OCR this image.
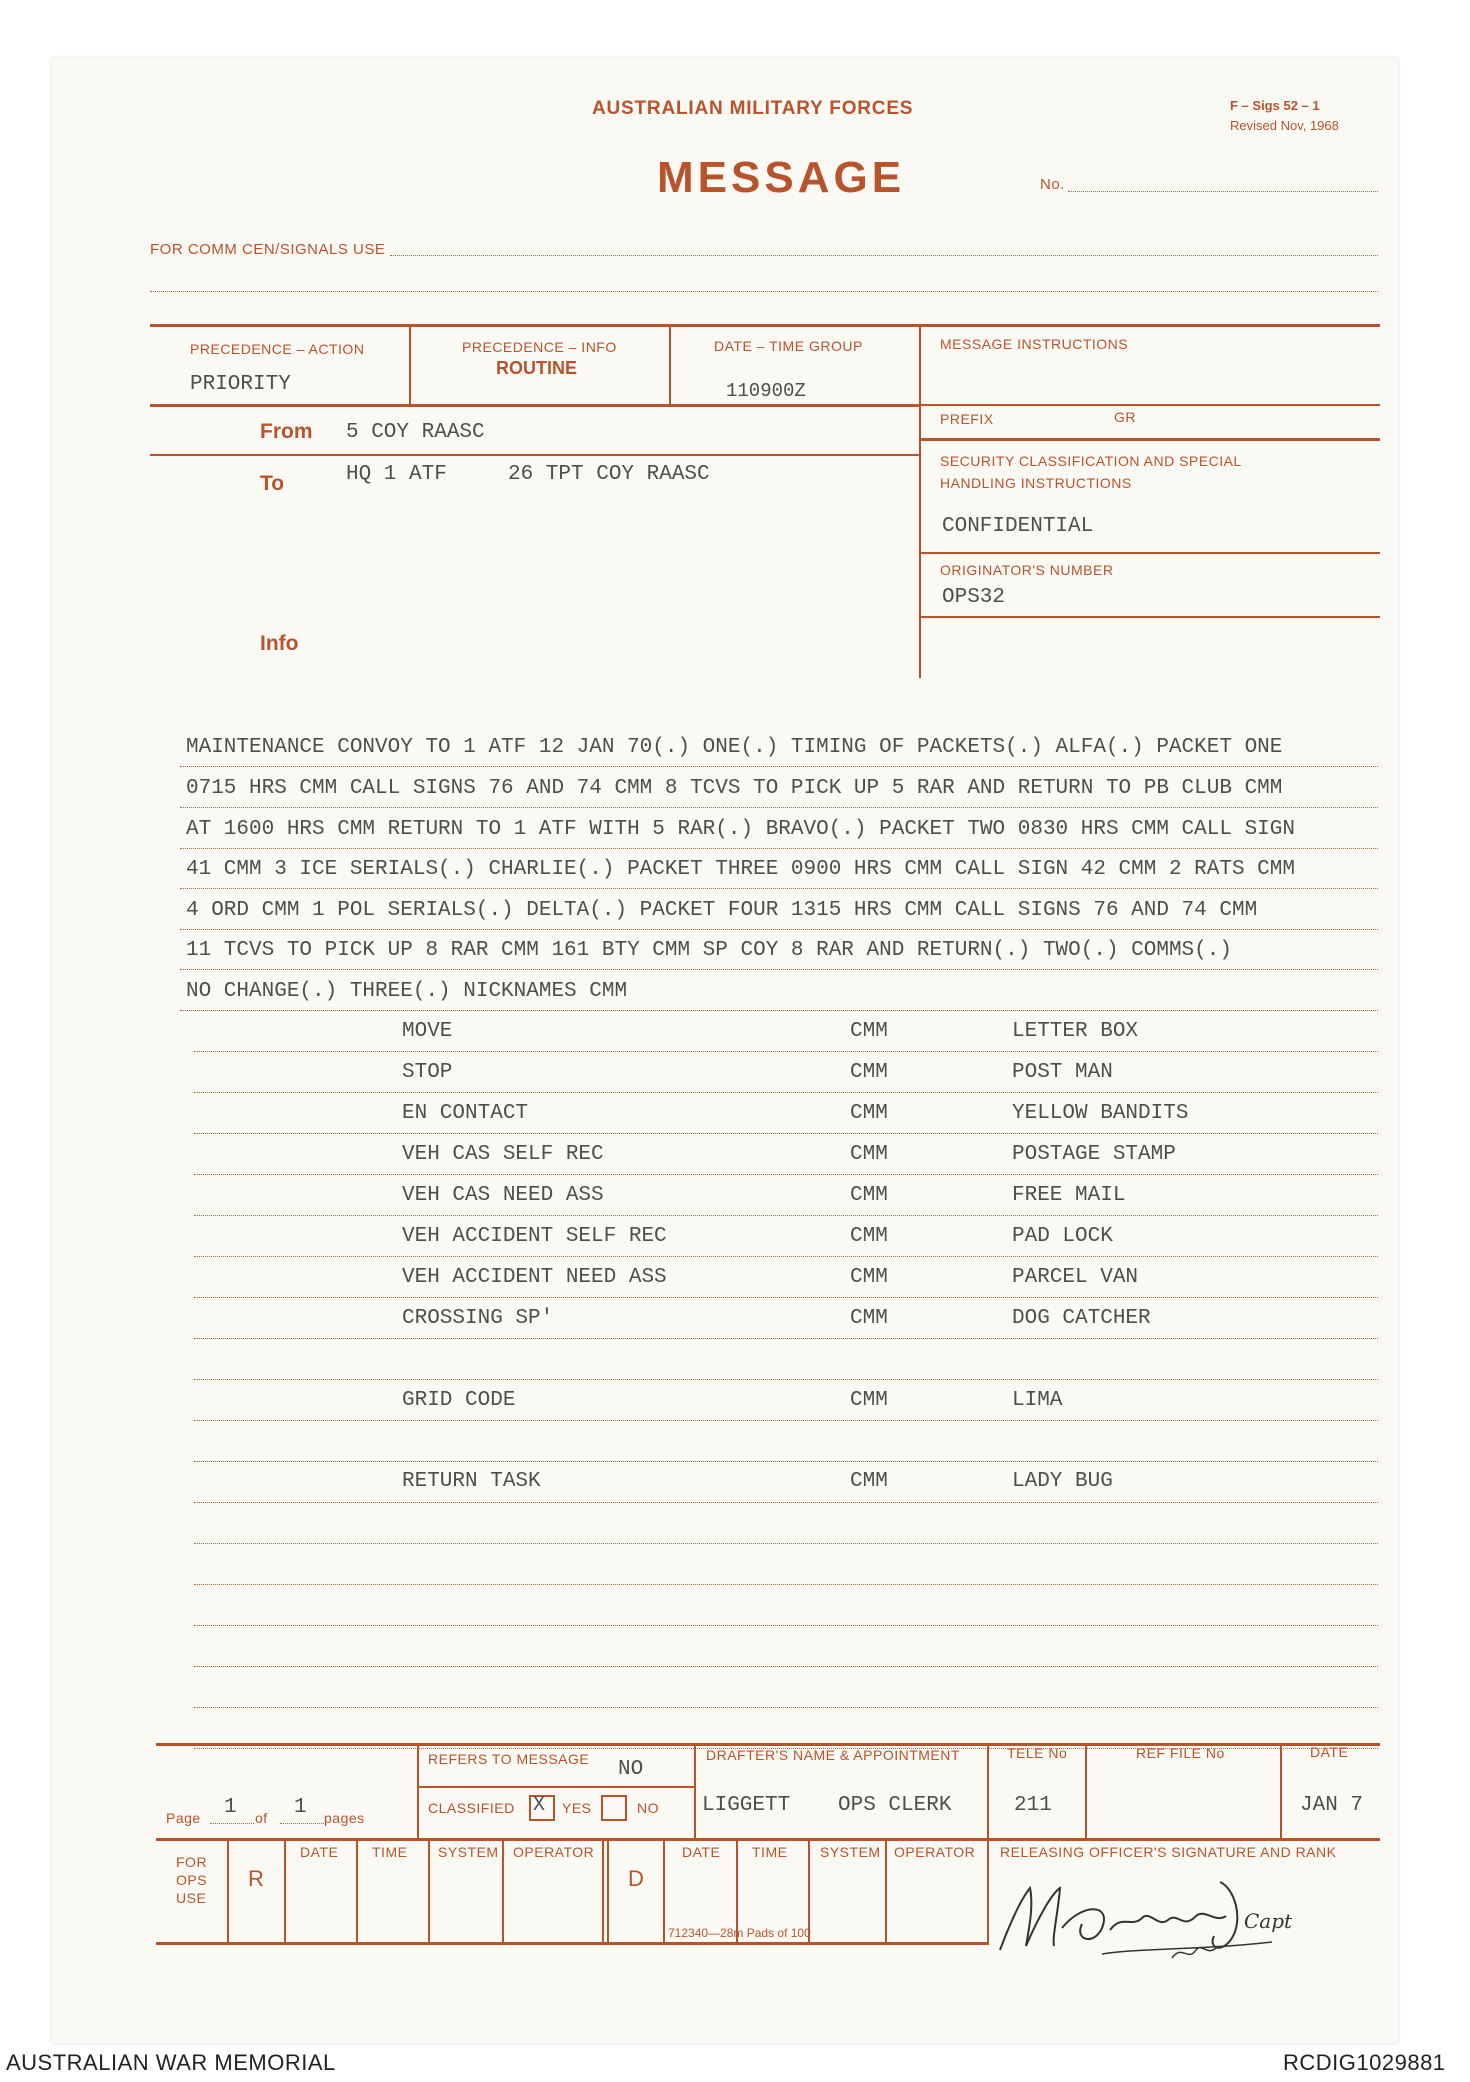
AUSTRALIAN MILITARY FORCES	F – Sigs 52 – 1
Revised Nov, 1968
MESSAGE	No.
FOR COMM CEN/SIGNALS USE
PRECEDENCE – ACTION
PRIORITY
PRECEDENCE – INFO
ROUTINE
DATE – TIME GROUP
110900Z
MESSAGE INSTRUCTIONS
PREFIX	GR
SECURITY CLASSIFICATION AND SPECIAL
HANDLING INSTRUCTIONS
CONFIDENTIAL
ORIGINATOR'S NUMBER
OPS32
From 5 COY RAASC
To	HQ 1 ATF	26 TPT COY RAASC
Info
MAINTENANCE CONVOY TO 1 ATF 12 JAN 70(.) ONE(.) TIMING OF PACKETS(.) ALFA(.) PACKET ONE
0715 HRS CMM CALL SIGNS 76 AND 74 CMM 8 TCVS TO PICK UP 5 RAR AND RETURN TO PB CLUB CMM
AT 1600 HRS CMM RETURN TO 1 ATF WITH 5 RAR(.) BRAVO(.) PACKET TWO 0830 HRS CMM CALL SIGN
41 CMM 3 ICE SERIALS(.) CHARLIE(.) PACKET THREE 0900 HRS CMM CALL SIGN 42 CMM 2 RATS CMM
4 ORD CMM 1 POL SERIALS(.) DELTA(.) PACKET FOUR 1315 HRS CMM CALL SIGNS 76 AND 74 CMM
11 TCVS TO PICK UP 8 RAR CMM 161 BTY CMM SP COY 8 RAR AND RETURN(.) TWO(.) COMMS(.)
NO CHANGE(.) THREE(.) NICKNAMES CMM
MOVE	CMM	LETTER BOX
STOP	CMM	POST MAN
EN CONTACT	CMM	YELLOW BANDITS
VEH CAS SELF REC	CMM	POSTAGE STAMP
VEH CAS NEED ASS	CMM	FREE MAIL
VEH ACCIDENT SELF REC	CMM	PAD LOCK
VEH ACCIDENT NEED ASS	CMM	PARCEL VAN
CROSSING SP'	CMM	DOG CATCHER
GRID CODE	CMM	LIMA
RETURN TASK	CMM	LADY BUG
Page 1 of 1 pages
REFERS TO MESSAGE NO
CLASSIFIED X YES	NO
DRAFTER'S NAME & APPOINTMENT
LIGGETT OPS CLERK
TELE No
211
REF FILE No	DATE
JAN 7
FOR
OPS
USE
R
DATE TIME SYSTEM OPERATOR
D
DATE TIME SYSTEM OPERATOR RELEASING OFFICER'S SIGNATURE AND RANK
Capt
712340—28m Pads of 100
AUSTRALIAN WAR MEMORIAL	RCDIG1029881
